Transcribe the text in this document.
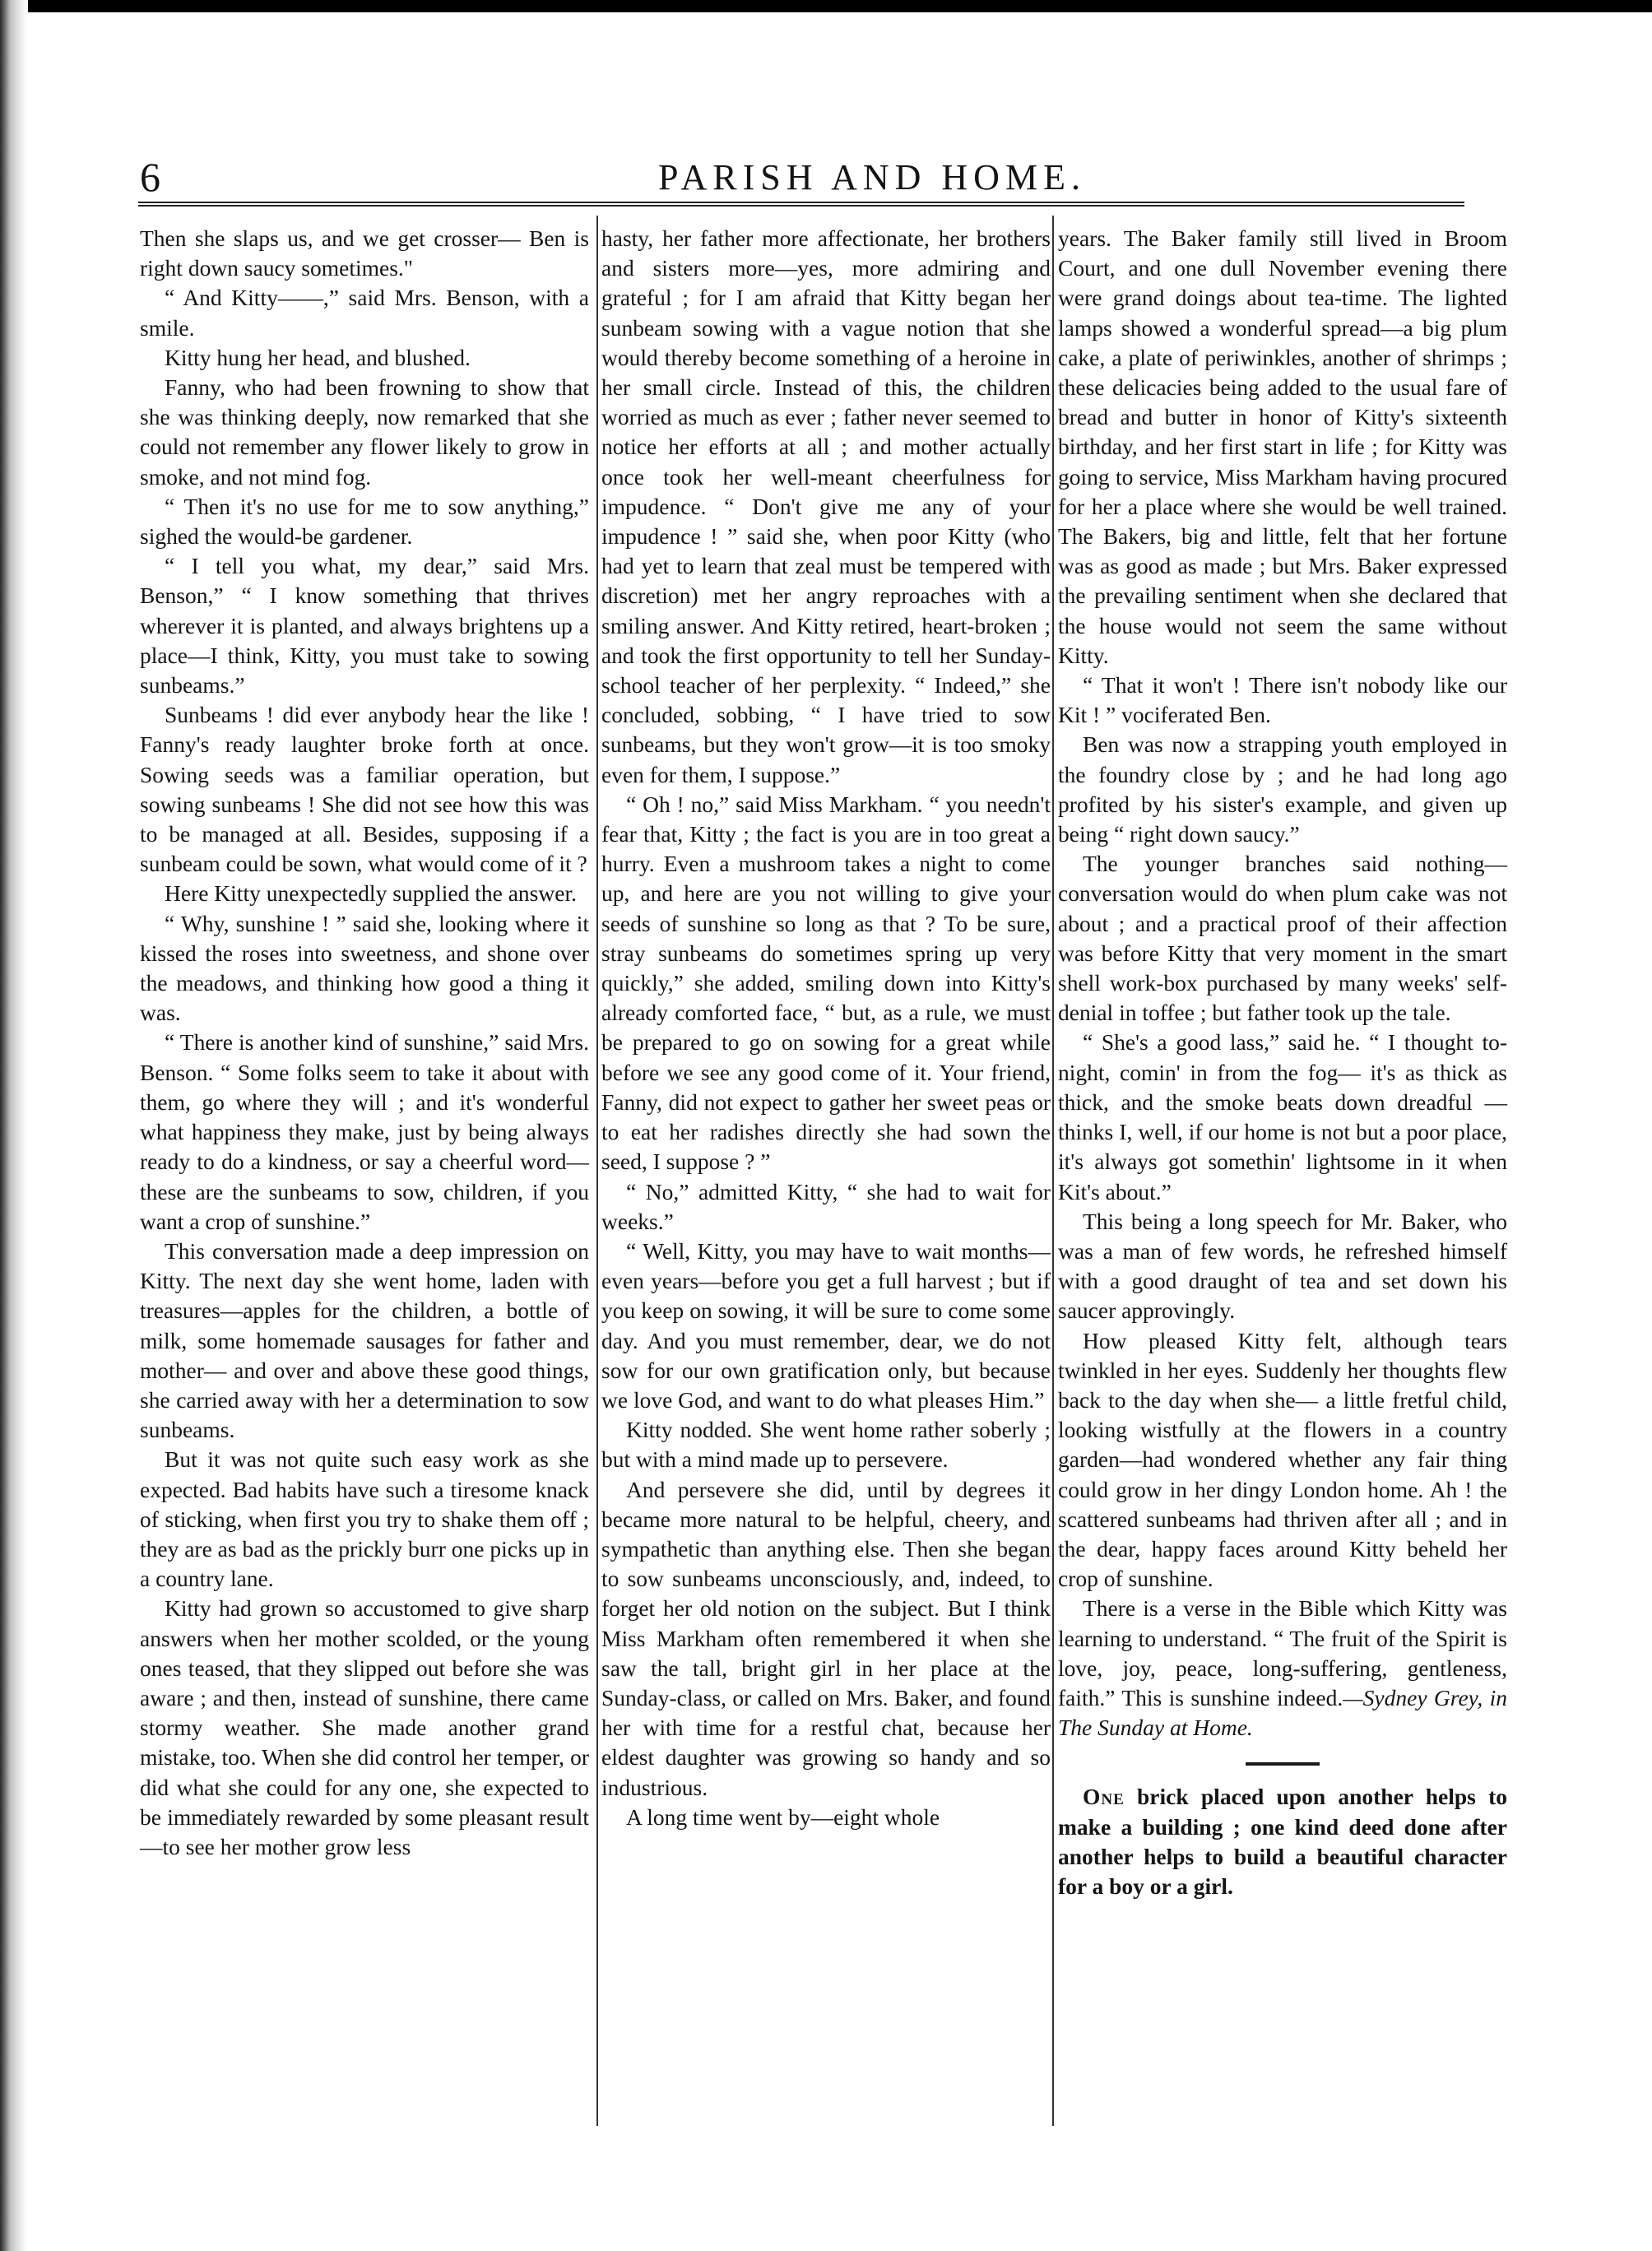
6	PARISH AND HOME.

Then she slaps us, and we get crosser— Ben is right down saucy sometimes."

“ And Kitty——,” said Mrs. Benson, with a smile.

Kitty hung her head, and blushed.

Fanny, who had been frowning to show that she was thinking deeply, now remarked that she could not remember any flower likely to grow in smoke, and not mind fog.

“ Then it's no use for me to sow anything,” sighed the would-be gardener.

“ I tell you what, my dear,” said Mrs. Benson,” “ I know something that thrives wherever it is planted, and always brightens up a place—I think, Kitty, you must take to sowing sunbeams.”

Sunbeams ! did ever anybody hear the like ! Fanny's ready laughter broke forth at once. Sowing seeds was a familiar operation, but sowing sunbeams ! She did not see how this was to be managed at all. Besides, supposing if a sunbeam could be sown, what would come of it ?

Here Kitty unexpectedly supplied the answer.

“ Why, sunshine ! ” said she, looking where it kissed the roses into sweetness, and shone over the meadows, and thinking how good a thing it was.

“ There is another kind of sunshine,” said Mrs. Benson. “ Some folks seem to take it about with them, go where they will ; and it's wonderful what happiness they make, just by being always ready to do a kindness, or say a cheerful word— these are the sunbeams to sow, children, if you want a crop of sunshine.”

This conversation made a deep impression on Kitty. The next day she went home, laden with treasures—apples for the children, a bottle of milk, some homemade sausages for father and mother— and over and above these good things, she carried away with her a determination to sow sunbeams.

But it was not quite such easy work as she expected. Bad habits have such a tiresome knack of sticking, when first you try to shake them off ; they are as bad as the prickly burr one picks up in a country lane.

Kitty had grown so accustomed to give sharp answers when her mother scolded, or the young ones teased, that they slipped out before she was aware ; and then, instead of sunshine, there came stormy weather. She made another grand mistake, too. When she did control her temper, or did what she could for any one, she expected to be immediately rewarded by some pleasant result—to see her mother grow less

hasty, her father more affectionate, her brothers and sisters more—yes, more admiring and grateful ; for I am afraid that Kitty began her sunbeam sowing with a vague notion that she would thereby become something of a heroine in her small circle. Instead of this, the children worried as much as ever ; father never seemed to notice her efforts at all ; and mother actually once took her well-meant cheerfulness for impudence. “ Don't give me any of your impudence ! ” said she, when poor Kitty (who had yet to learn that zeal must be tempered with discretion) met her angry reproaches with a smiling answer. And Kitty retired, heart-broken ; and took the first opportunity to tell her Sunday-school teacher of her perplexity. “ Indeed,” she concluded, sobbing, “ I have tried to sow sunbeams, but they won't grow—it is too smoky even for them, I suppose.”

“ Oh ! no,” said Miss Markham. “ you needn't fear that, Kitty ; the fact is you are in too great a hurry. Even a mushroom takes a night to come up, and here are you not willing to give your seeds of sunshine so long as that ? To be sure, stray sunbeams do sometimes spring up very quickly,” she added, smiling down into Kitty's already comforted face, “ but, as a rule, we must be prepared to go on sowing for a great while before we see any good come of it. Your friend, Fanny, did not expect to gather her sweet peas or to eat her radishes directly she had sown the seed, I suppose ? ”

“ No,” admitted Kitty, “ she had to wait for weeks.”

“ Well, Kitty, you may have to wait months—even years—before you get a full harvest ; but if you keep on sowing, it will be sure to come some day. And you must remember, dear, we do not sow for our own gratification only, but because we love God, and want to do what pleases Him.”

Kitty nodded. She went home rather soberly ; but with a mind made up to persevere.

And persevere she did, until by degrees it became more natural to be helpful, cheery, and sympathetic than anything else. Then she began to sow sunbeams unconsciously, and, indeed, to forget her old notion on the subject. But I think Miss Markham often remembered it when she saw the tall, bright girl in her place at the Sunday-class, or called on Mrs. Baker, and found her with time for a restful chat, because her eldest daughter was growing so handy and so industrious.

A long time went by—eight whole

years. The Baker family still lived in Broom Court, and one dull November evening there were grand doings about tea-time. The lighted lamps showed a wonderful spread—a big plum cake, a plate of periwinkles, another of shrimps ; these delicacies being added to the usual fare of bread and butter in honor of Kitty's sixteenth birthday, and her first start in life ; for Kitty was going to service, Miss Markham having procured for her a place where she would be well trained. The Bakers, big and little, felt that her fortune was as good as made ; but Mrs. Baker expressed the prevailing sentiment when she declared that the house would not seem the same without Kitty.

“ That it won't ! There isn't nobody like our Kit ! ” vociferated Ben.

Ben was now a strapping youth employed in the foundry close by ; and he had long ago profited by his sister's example, and given up being “ right down saucy.”

The younger branches said nothing— conversation would do when plum cake was not about ; and a practical proof of their affection was before Kitty that very moment in the smart shell work-box purchased by many weeks' self-denial in toffee ; but father took up the tale.

“ She's a good lass,” said he. “ I thought to-night, comin' in from the fog— it's as thick as thick, and the smoke beats down dreadful — thinks I, well, if our home is not but a poor place, it's always got somethin' lightsome in it when Kit's about.”

This being a long speech for Mr. Baker, who was a man of few words, he refreshed himself with a good draught of tea and set down his saucer approvingly.

How pleased Kitty felt, although tears twinkled in her eyes. Suddenly her thoughts flew back to the day when she— a little fretful child, looking wistfully at the flowers in a country garden—had wondered whether any fair thing could grow in her dingy London home. Ah ! the scattered sunbeams had thriven after all ; and in the dear, happy faces around Kitty beheld her crop of sunshine.

There is a verse in the Bible which Kitty was learning to understand. “ The fruit of the Spirit is love, joy, peace, long-suffering, gentleness, faith.” This is sunshine indeed.—Sydney Grey, in The Sunday at Home.

One brick placed upon another helps to make a building ; one kind deed done after another helps to build a beautiful character for a boy or a girl.
